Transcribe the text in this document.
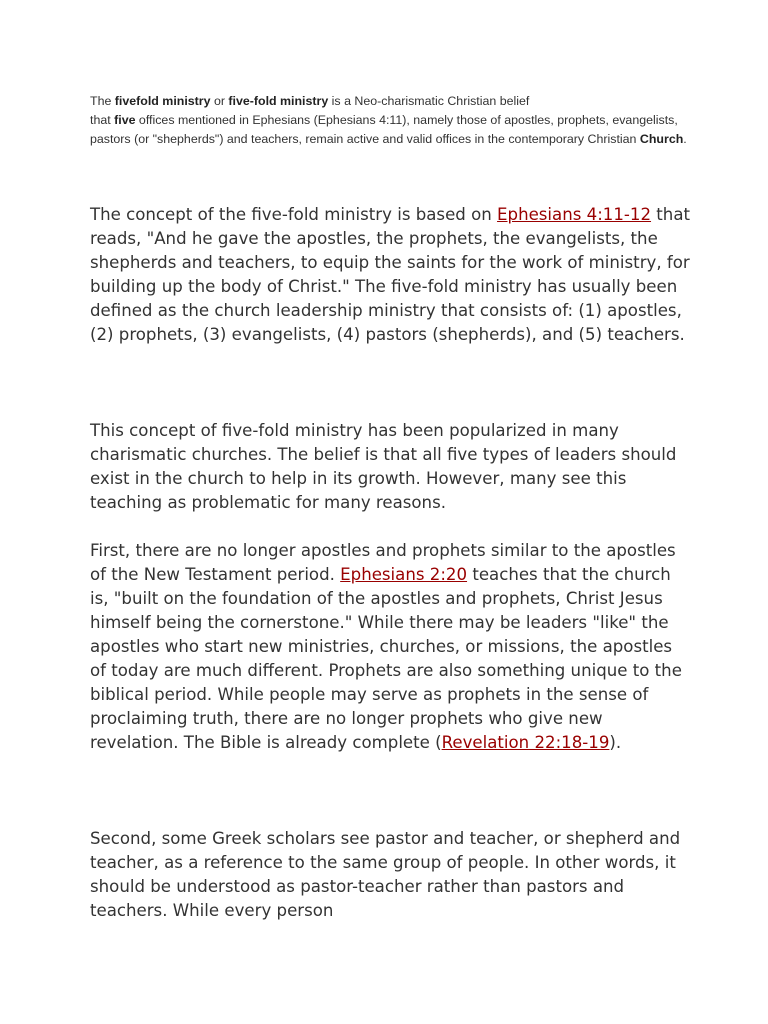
The fivefold ministry or five-fold ministry is a Neo-charismatic Christian belief
that five offices mentioned in Ephesians (Ephesians 4:11), namely those of apostles, prophets, evangelists, pastors (or "shepherds") and teachers, remain active and valid offices in the contemporary Christian Church.

The concept of the five-fold ministry is based on Ephesians 4:11-12 that reads, "And he gave the apostles, the prophets, the evangelists, the shepherds and teachers, to equip the saints for the work of ministry, for building up the body of Christ." The five-fold ministry has usually been defined as the church leadership ministry that consists of: (1) apostles, (2) prophets, (3) evangelists, (4) pastors (shepherds), and (5) teachers.

This concept of five-fold ministry has been popularized in many charismatic churches. The belief is that all five types of leaders should exist in the church to help in its growth. However, many see this teaching as problematic for many reasons.

First, there are no longer apostles and prophets similar to the apostles of the New Testament period. Ephesians 2:20 teaches that the church is, "built on the foundation of the apostles and prophets, Christ Jesus himself being the cornerstone." While there may be leaders "like" the apostles who start new ministries, churches, or missions, the apostles of today are much different. Prophets are also something unique to the biblical period. While people may serve as prophets in the sense of proclaiming truth, there are no longer prophets who give new revelation. The Bible is already complete (Revelation 22:18-19).

Second, some Greek scholars see pastor and teacher, or shepherd and teacher, as a reference to the same group of people. In other words, it should be understood as pastor-teacher rather than pastors and teachers. While every person
